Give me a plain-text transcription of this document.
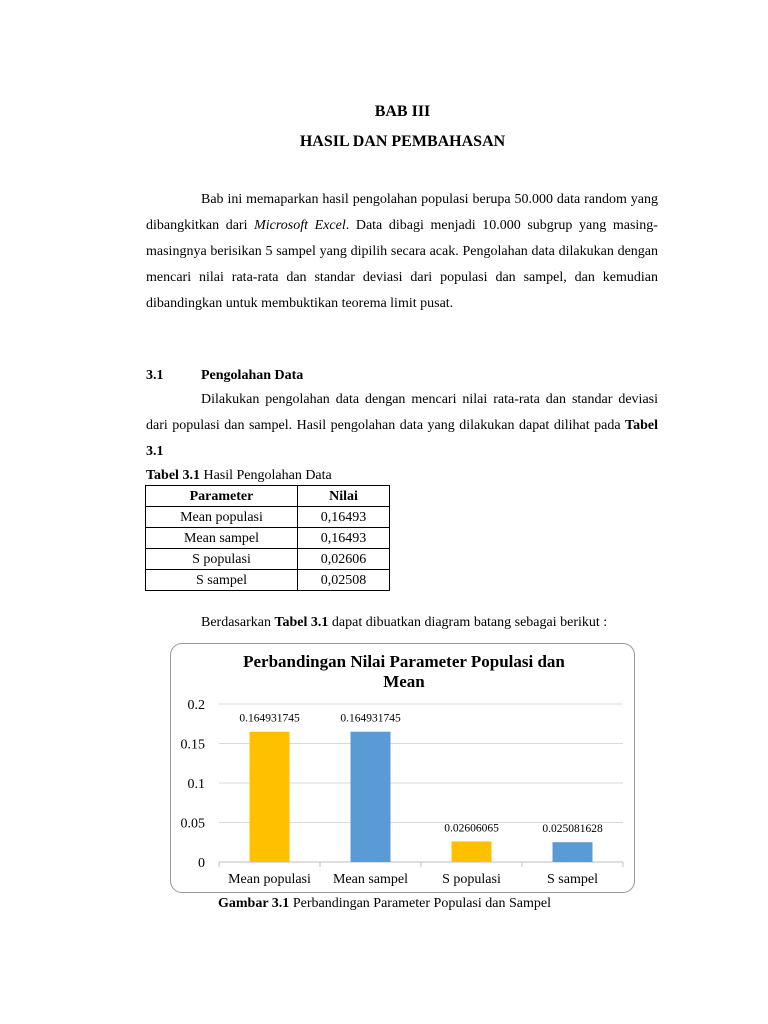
BAB III
HASIL DAN PEMBAHASAN

Bab ini memaparkan hasil pengolahan populasi berupa 50.000 data random yang dibangkitkan dari Microsoft Excel. Data dibagi menjadi 10.000 subgrup yang masing-masingnya berisikan 5 sampel yang dipilih secara acak. Pengolahan data dilakukan dengan mencari nilai rata-rata dan standar deviasi dari populasi dan sampel, dan kemudian dibandingkan untuk membuktikan teorema limit pusat.

3.1	Pengolahan Data

Dilakukan pengolahan data dengan mencari nilai rata-rata dan standar deviasi dari populasi dan sampel. Hasil pengolahan data yang dilakukan dapat dilihat pada Tabel 3.1

Tabel 3.1 Hasil Pengolahan Data
Parameter	Nilai
Mean populasi	0,16493
Mean sampel	0,16493
S populasi	0,02606
S sampel	0,02508
Berdasarkan Tabel 3.1 dapat dibuatkan diagram batang sebagai berikut :
Perbandingan Nilai Parameter Populasi dan
Mean
0
0.05
0.1
0.15
0.2
0.164931745
Mean populasi
0.164931745
Mean sampel
0.02606065
S populasi
0.025081628
S sampel
Gambar 3.1 Perbandingan Parameter Populasi dan Sampel
